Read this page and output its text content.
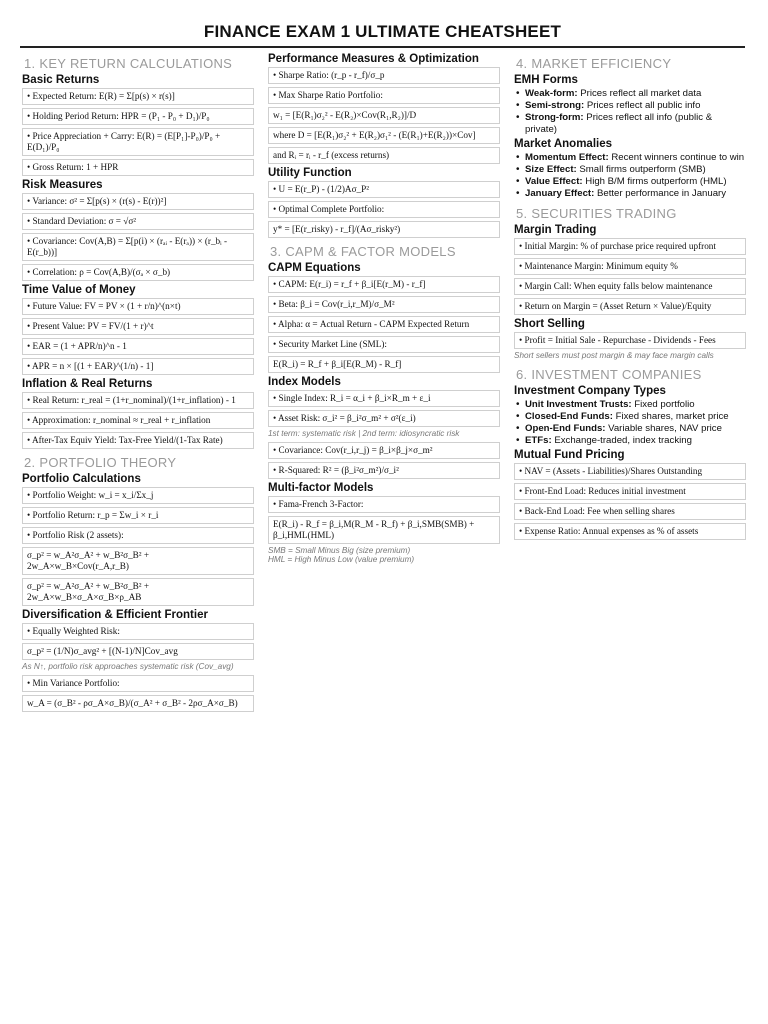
FINANCE EXAM 1 ULTIMATE CHEATSHEET
1. KEY RETURN CALCULATIONS
Basic Returns
• Expected Return: E(R) = Σ[p(s) × r(s)]
• Holding Period Return: HPR = (P₁ - P₀ + D₁)/P₀
• Price Appreciation + Carry: E(R) = (E[P₁]-P₀)/P₀ + E(D₁)/P₀
• Gross Return: 1 + HPR
Risk Measures
• Variance: σ² = Σ[p(s) × (r(s) - E(r))²]
• Standard Deviation: σ = √σ²
• Covariance: Cov(A,B) = Σ[p(i) × (rₐᵢ - E(rₐ)) × (r_bᵢ - E(r_b))]
• Correlation: ρ = Cov(A,B)/(σₐ × σ_b)
Time Value of Money
• Future Value: FV = PV × (1 + r/n)^(n×t)
• Present Value: PV = FV/(1 + r)^t
• EAR = (1 + APR/n)^n - 1
• APR = n × [(1 + EAR)^(1/n) - 1]
Inflation & Real Returns
• Real Return: r_real = (1+r_nominal)/(1+r_inflation) - 1
• Approximation: r_nominal ≈ r_real + r_inflation
• After-Tax Equiv Yield: Tax-Free Yield/(1-Tax Rate)
2. PORTFOLIO THEORY
Portfolio Calculations
• Portfolio Weight: w_i = x_i/Σx_j
• Portfolio Return: r_p = Σw_i × r_i
• Portfolio Risk (2 assets):
σ_p² = w_A²σ_A² + w_B²σ_B² + 2w_A×w_B×Cov(r_A,r_B)
σ_p² = w_A²σ_A² + w_B²σ_B² + 2w_A×w_B×σ_A×σ_B×ρ_AB
Diversification & Efficient Frontier
• Equally Weighted Risk:
σ_p² = (1/N)σ_avg² + [(N-1)/N]Cov_avg
As N↑, portfolio risk approaches systematic risk (Cov_avg)
• Min Variance Portfolio:
w_A = (σ_B² - ρσ_A×σ_B)/(σ_A² + σ_B² - 2ρσ_A×σ_B)
Performance Measures & Optimization
• Sharpe Ratio: (r_p - r_f)/σ_p
• Max Sharpe Ratio Portfolio:
w₁ = [E(R₁)σ₂² - E(R₂)×Cov(R₁,R₂)]/D
where D = [E(R₁)σ₂² + E(R₂)σ₁² - (E(R₁)+E(R₂))×Cov]
and Rᵢ = rᵢ - r_f (excess returns)
Utility Function
• U = E(r_P) - (1/2)Aσ_P²
• Optimal Complete Portfolio:
y* = [E(r_risky) - r_f]/(Aσ_risky²)
3. CAPM & FACTOR MODELS
CAPM Equations
• CAPM: E(r_i) = r_f + β_i[E(r_M) - r_f]
• Beta: β_i = Cov(r_i,r_M)/σ_M²
• Alpha: α = Actual Return - CAPM Expected Return
• Security Market Line (SML):
E(R_i) = R_f + β_i[E(R_M) - R_f]
Index Models
• Single Index: R_i = α_i + β_i×R_m + ε_i
• Asset Risk: σ_i² = β_i²σ_m² + σ²(ε_i)
1st term: systematic risk | 2nd term: idiosyncratic risk
• Covariance: Cov(r_i,r_j) = β_i×β_j×σ_m²
• R-Squared: R² = (β_i²σ_m²)/σ_i²
Multi-factor Models
• Fama-French 3-Factor:
E(R_i) - R_f = β_i,M(R_M - R_f) + β_i,SMB(SMB) + β_i,HML(HML)
SMB = Small Minus Big (size premium)
HML = High Minus Low (value premium)
4. MARKET EFFICIENCY
EMH Forms
• Weak-form: Prices reflect all market data
• Semi-strong: Prices reflect all public info
• Strong-form: Prices reflect all info (public & private)
Market Anomalies
• Momentum Effect: Recent winners continue to win
• Size Effect: Small firms outperform (SMB)
• Value Effect: High B/M firms outperform (HML)
• January Effect: Better performance in January
5. SECURITIES TRADING
Margin Trading
• Initial Margin: % of purchase price required upfront
• Maintenance Margin: Minimum equity %
• Margin Call: When equity falls below maintenance
• Return on Margin = (Asset Return × Value)/Equity
Short Selling
• Profit = Initial Sale - Repurchase - Dividends - Fees
Short sellers must post margin & may face margin calls
6. INVESTMENT COMPANIES
Investment Company Types
• Unit Investment Trusts: Fixed portfolio
• Closed-End Funds: Fixed shares, market price
• Open-End Funds: Variable shares, NAV price
• ETFs: Exchange-traded, index tracking
Mutual Fund Pricing
• NAV = (Assets - Liabilities)/Shares Outstanding
• Front-End Load: Reduces initial investment
• Back-End Load: Fee when selling shares
• Expense Ratio: Annual expenses as % of assets
